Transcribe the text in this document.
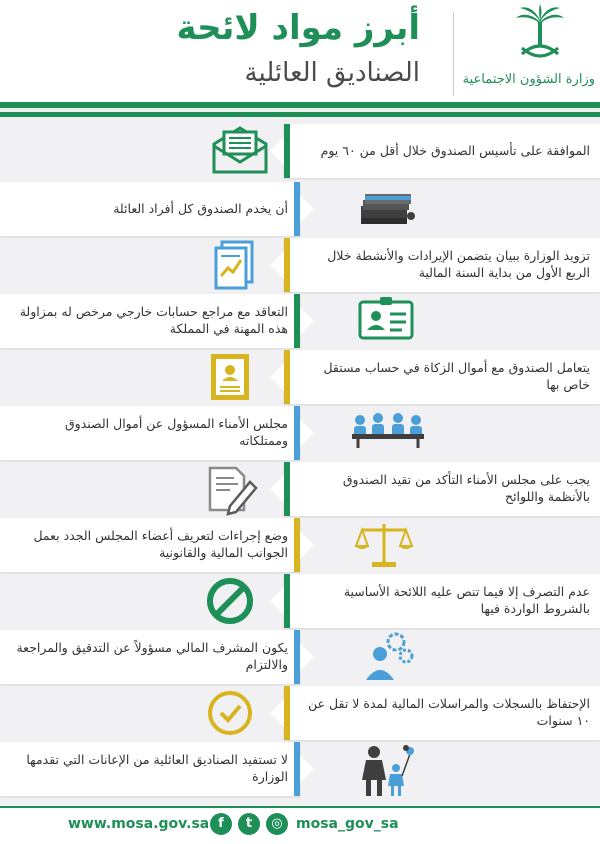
أبرز مواد لائحة
الصناديق العائلية	وزارة الشؤون الاجتماعية
الموافقة على تأسيس الصندوق خلال أقل من ٦٠ يوم
أن يخدم الصندوق كل أفراد العائلة
تزويد الوزارة ببيان يتضمن الإيرادات والأنشطة خلال الربع الأول من بداية السنة المالية
التعاقد مع مراجع حسابات خارجي مرخص له بمزاولة هذه المهنة في المملكة
يتعامل الصندوق مع أموال الزكاة في حساب مستقل خاص بها
مجلس الأمناء المسؤول عن أموال الصندوق وممتلكاته
يجب على مجلس الأمناء التأكد من تقيد الصندوق بالأنظمة واللوائح
وضع إجراءات لتعريف أعضاء المجلس الجدد بعمل الجوانب المالية والقانونية
عدم التصرف إلا فيما تنص عليه اللائحة الأساسية بالشروط الواردة فيها
يكون المشرف المالي مسؤولاً عن التدقيق والمراجعة والالتزام
الإحتفاظ بالسجلات والمراسلات المالية لمدة لا تقل عن ١٠ سنوات
لا تستفيد الصناديق العائلية من الإعانات التي تقدمها الوزارة
www.mosa.gov.sa f	t	◎ mosa_gov_sa
